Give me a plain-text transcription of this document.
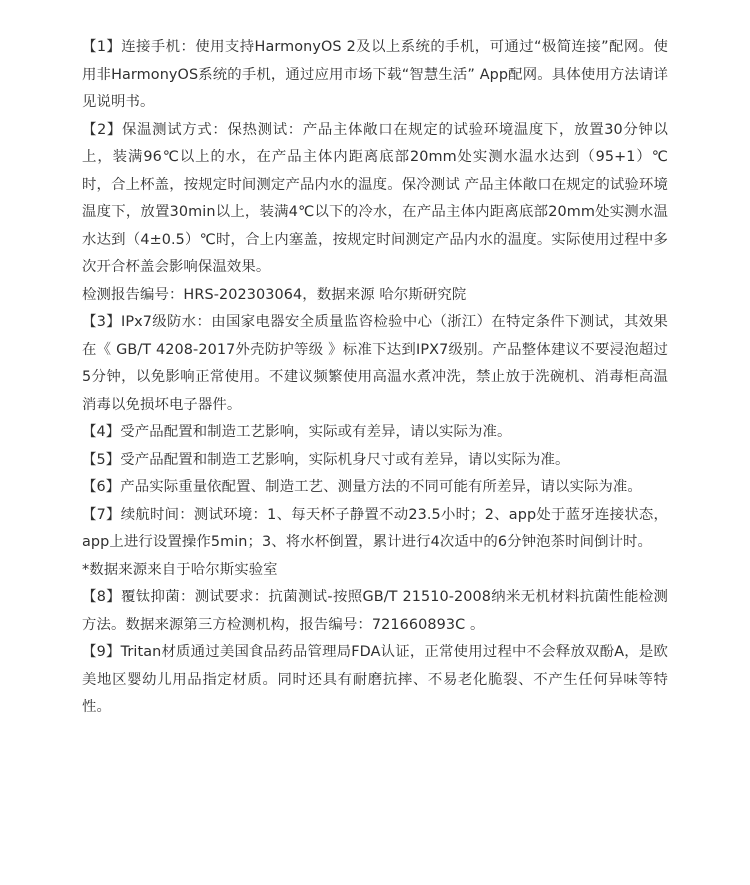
【1】连接手机：使用支持HarmonyOS 2及以上系统的手机，可通过“极简连接”配网。使用非HarmonyOS系统的手机，通过应用市场下载“智慧生活” App配网。具体使用方法请详见说明书。

【2】保温测试方式：保热测试：产品主体敞口在规定的试验环境温度下，放置30分钟以上，装满96℃以上的水，在产品主体内距离底部20mm处实测水温水达到（95+1）℃时，合上杯盖，按规定时间测定产品内水的温度。保冷测试 产品主体敞口在规定的试验环境温度下，放置30min以上，装满4℃以下的冷水，在产品主体内距离底部20mm处实测水温水达到（4±0.5）℃时，合上内塞盖，按规定时间测定产品内水的温度。实际使用过程中多次开合杯盖会影响保温效果。

检测报告编号：HRS-202303064，数据来源 哈尔斯研究院

【3】IPx7级防水：由国家电器安全质量监咨检验中心（浙江）在特定条件下测试，其效果在《 GB/T 4208-2017外壳防护等级 》标准下达到IPX7级别。产品整体建议不要浸泡超过5分钟，以免影响正常使用。不建议频繁使用高温水煮冲洗，禁止放于洗碗机、消毒柜高温消毒以免损坏电子器件。

【4】受产品配置和制造工艺影响，实际或有差异，请以实际为准。

【5】受产品配置和制造工艺影响，实际机身尺寸或有差异，请以实际为准。

【6】产品实际重量依配置、制造工艺、测量方法的不同可能有所差异，请以实际为准。

【7】续航时间：测试环境：1、每天杯子静置不动23.5小时；2、app处于蓝牙连接状态，app上进行设置操作5min；3、将水杯倒置，累计进行4次适中的6分钟泡茶时间倒计时。

*数据来源来自于哈尔斯实验室

【8】覆钛抑菌：测试要求：抗菌测试-按照GB/T 21510-2008纳米无机材料抗菌性能检测方法。数据来源第三方检测机构，报告编号：721660893C 。

【9】Tritan材质通过美国食品药品管理局FDA认证，正常使用过程中不会释放双酚A，是欧美地区婴幼儿用品指定材质。同时还具有耐磨抗摔、不易老化脆裂、不产生任何异味等特性。
